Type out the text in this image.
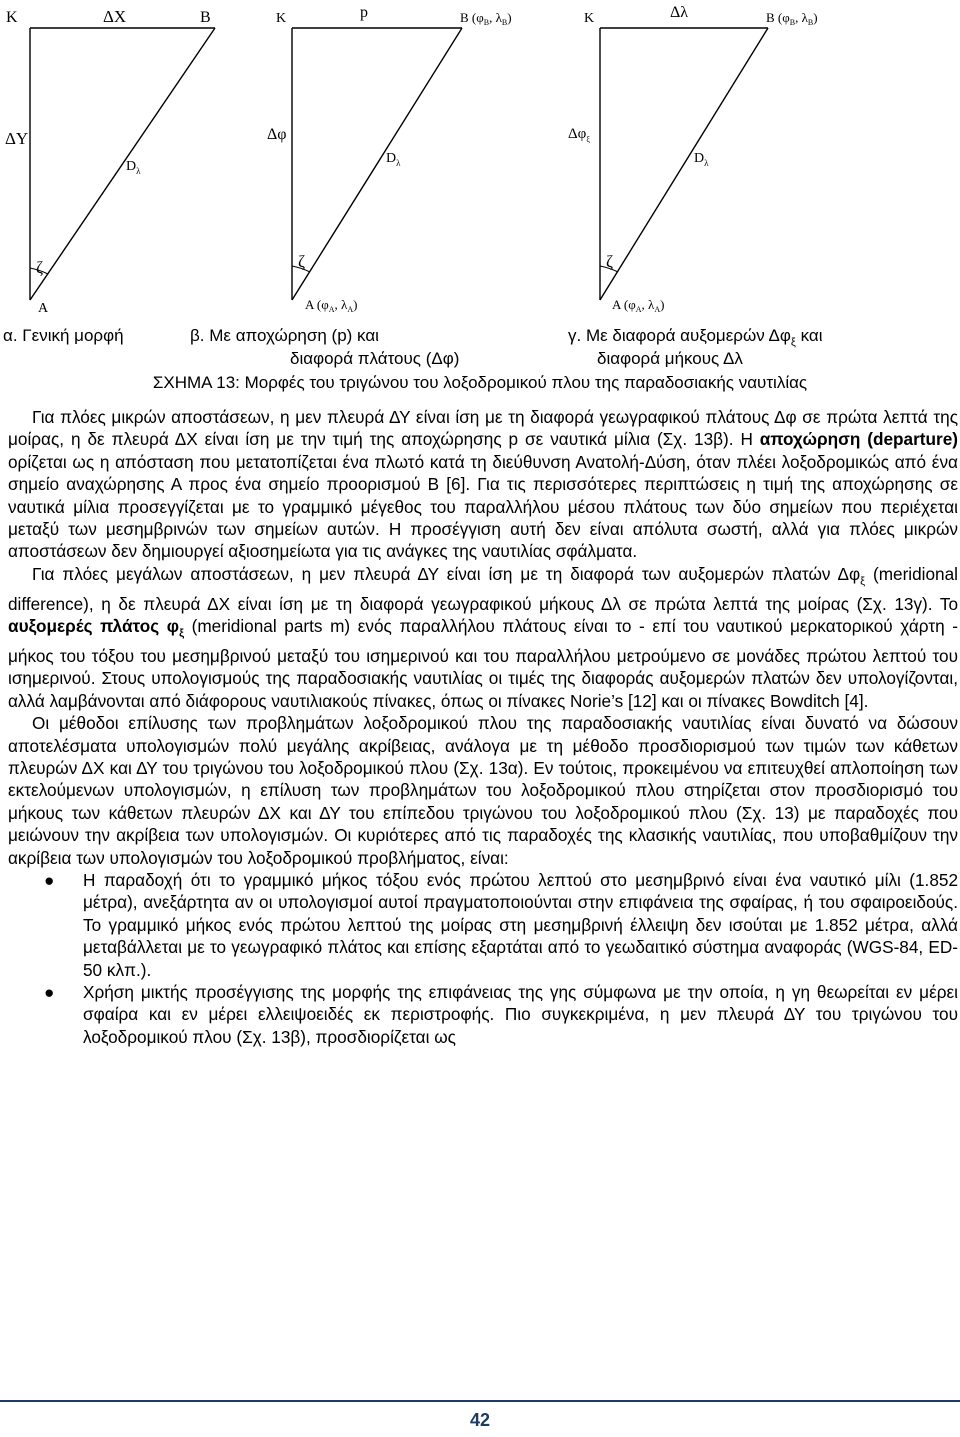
K	ΔX	B
ΔY
$D_\lambda$
ζ
A
K	p	B ($\varphi_B$, $\lambda_B$)
Δφ
$D_\lambda$
ζ
A ($\varphi_A$, $\lambda_A$)
K	Δλ	B ($\varphi_B$, $\lambda_B$)
$\Delta\varphi_\xi$
$D_\lambda$
ζ
A ($\varphi_A$, $\lambda_A$)
α. Γενική μορφή	β. Με αποχώρηση (p) και	γ. Με διαφορά αυξομερών $\Delta\varphi_\xi$ και
διαφορά πλάτους (Δφ)	διαφορά μήκους Δλ
ΣΧΗΜΑ 13: Μορφές του τριγώνου του λοξοδρομικού πλου της παραδοσιακής ναυτιλίας

Για πλόες μικρών αποστάσεων, η μεν πλευρά ΔΥ είναι ίση με τη διαφορά γεωγραφικού πλάτους Δφ σε πρώτα λεπτά της μοίρας, η δε πλευρά ΔΧ είναι ίση με την τιμή της αποχώρησης p σε ναυτικά μίλια (Σχ. 13β). Η αποχώρηση (departure) ορίζεται ως η απόσταση που μετατοπίζεται ένα πλωτό κατά τη διεύθυνση Ανατολή-Δύση, όταν πλέει λοξοδρομικώς από ένα σημείο αναχώρησης Α προς ένα σημείο προορισμού Β [6]. Για τις περισσότερες περιπτώσεις η τιμή της αποχώρησης σε ναυτικά μίλια προσεγγίζεται με το γραμμικό μέγεθος του παραλλήλου μέσου πλάτους των δύο σημείων που περιέχεται μεταξύ των μεσημβρινών των σημείων αυτών. Η προσέγγιση αυτή δεν είναι απόλυτα σωστή, αλλά για πλόες μικρών αποστάσεων δεν δημιουργεί αξιοσημείωτα για τις ανάγκες της ναυτιλίας σφάλματα.

Για πλόες μεγάλων αποστάσεων, η μεν πλευρά ΔΥ είναι ίση με τη διαφορά των αυξομερών πλατών $\Delta\varphi_\xi$ (meridional difference), η δε πλευρά ΔΧ είναι ίση με τη διαφορά γεωγραφικού μήκους Δλ σε πρώτα λεπτά της μοίρας (Σχ. 13γ). Το αυξομερές πλάτος $\varphi_\xi$ (meridional parts m) ενός παραλλήλου πλάτους είναι το - επί του ναυτικού μερκατορικού χάρτη - μήκος του τόξου του μεσημβρινού μεταξύ του ισημερινού και του παραλλήλου μετρούμενο σε μονάδες πρώτου λεπτού του ισημερινού. Στους υπολογισμούς της παραδοσιακής ναυτιλίας οι τιμές της διαφοράς αυξομερών πλατών δεν υπολογίζονται, αλλά λαμβάνονται από διάφορους ναυτιλιακούς πίνακες, όπως οι πίνακες Norie’s [12] και οι πίνακες Bowditch [4].

Οι μέθοδοι επίλυσης των προβλημάτων λοξοδρομικού πλου της παραδοσιακής ναυτιλίας είναι δυνατό να δώσουν αποτελέσματα υπολογισμών πολύ μεγάλης ακρίβειας, ανάλογα με τη μέθοδο προσδιορισμού των τιμών των κάθετων πλευρών ΔΧ και ΔΥ του τριγώνου του λοξοδρομικού πλου (Σχ. 13α). Εν τούτοις, προκειμένου να επιτευχθεί απλοποίηση των εκτελούμενων υπολογισμών, η επίλυση των προβλημάτων του λοξοδρομικού πλου στηρίζεται στον προσδιορισμό του μήκους των κάθετων πλευρών ΔΧ και ΔΥ του επίπεδου τριγώνου του λοξοδρομικού πλου (Σχ. 13) με παραδοχές που μειώνουν την ακρίβεια των υπολογισμών. Οι κυριότερες από τις παραδοχές της κλασικής ναυτιλίας, που υποβαθμίζουν την ακρίβεια των υπολογισμών του λοξοδρομικού προβλήματος, είναι:

● Η παραδοχή ότι το γραμμικό μήκος τόξου ενός πρώτου λεπτού στο μεσημβρινό είναι ένα ναυτικό μίλι (1.852 μέτρα), ανεξάρτητα αν οι υπολογισμοί αυτοί πραγματοποιούνται στην επιφάνεια της σφαίρας, ή του σφαιροειδούς. Το γραμμικό μήκος ενός πρώτου λεπτού της μοίρας στη μεσημβρινή έλλειψη δεν ισούται με 1.852 μέτρα, αλλά μεταβάλλεται με το γεωγραφικό πλάτος και επίσης εξαρτάται από το γεωδαιτικό σύστημα αναφοράς (WGS-84, ED-50 κλπ.).
● Χρήση μικτής προσέγγισης της μορφής της επιφάνειας της γης σύμφωνα με την οποία, η γη θεωρείται εν μέρει σφαίρα και εν μέρει ελλειψοειδές εκ περιστροφής. Πιο συγκεκριμένα, η μεν πλευρά ΔΥ του τριγώνου του λοξοδρομικού πλου (Σχ. 13β), προσδιορίζεται ως
42
